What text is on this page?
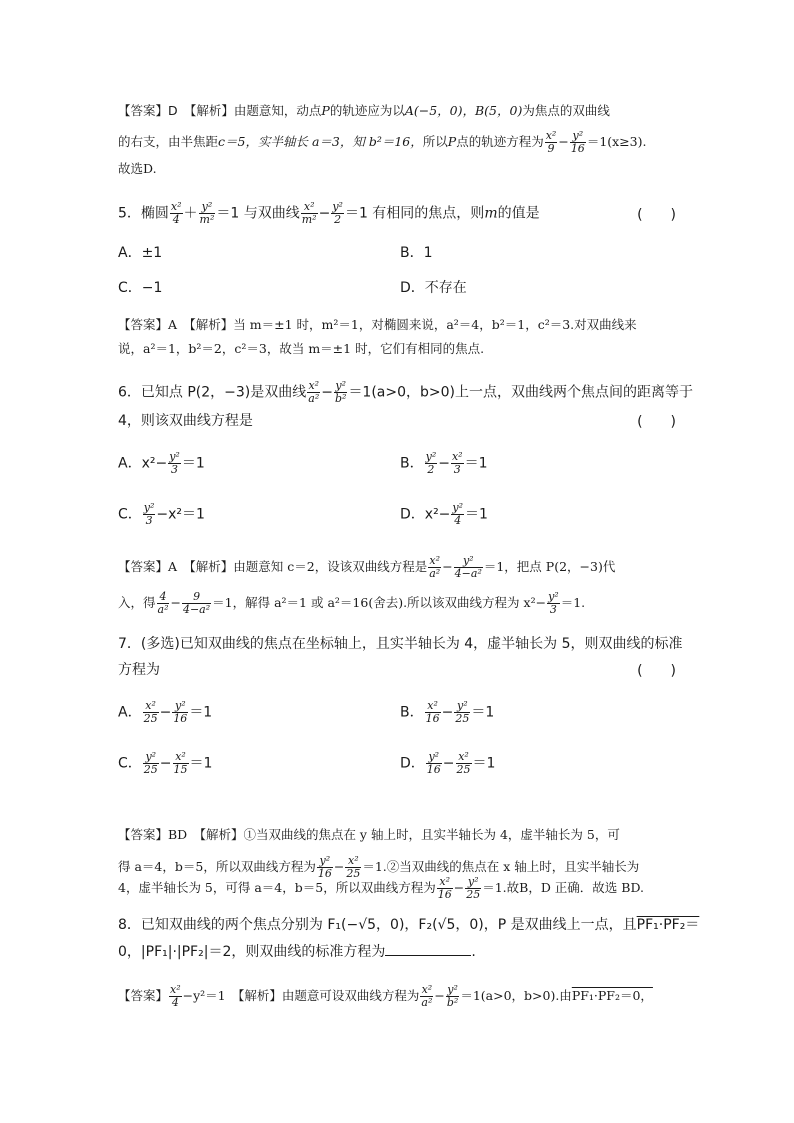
【答案】D　【解析】由题意知，动点P的轨迹应为以A(−5，0)，B(5，0)为焦点的双曲线
的右支，由半焦距c＝5，实半轴长 a＝3，知 b²＝16，所以P点的轨迹方程为 $\frac{\text{x²}}{9} - \frac{\text{y²}}{16} =1(x\ge 3)$.
故选D.
5．椭圆 $\frac{\text{x²}}{4} + \frac{\text{y²}}{\text{m²}} =1$ 与双曲线 $\frac{\text{x²}}{\text{m²}} - \frac{\text{y²}}{2} =1$ 有相同的焦点，则m的值是	(　　)
A．±1	B．1
C．−1	D．不存在
【答案】A　【解析】当 m＝±1 时，m²＝1，对椭圆来说，a²＝4，b²＝1，c²＝3.对双曲线来
说，a²＝1，b²＝2，c²＝3，故当 m＝±1 时，它们有相同的焦点.
6．已知点 P(2，−3)是双曲线 $\frac{\text{x²}}{\text{a²}} - \frac{\text{y²}}{\text{b²}} =1(a>0$，b>0)上一点，双曲线两个焦点间的距离等于
4，则该双曲线方程是	(　　)
A．$x^2- \frac{\text{y²}}{3} =1$	B． $\frac{\text{y²}}{2} - \frac{\text{x²}}{3} =1$
C． $\frac{\text{y²}}{3} -x^2=1$	D．$x^2- \frac{\text{y²}}{4} =1$
【答案】A　【解析】由题意知 c＝2，设该双曲线方程是 $\frac{\text{x²}}{\text{a²}} - \frac{\text{y²}}{\text{4−a²}} =1$，把点 P(2，−3)代
入，得 $\frac{4}{\text{a²}} - \frac{9}{\text{4−a²}} =1$，解得 a²＝1 或 a²＝16(舍去).所以该双曲线方程为 $x^2- \frac{\text{y²}}{3} =1$.
7．(多选)已知双曲线的焦点在坐标轴上，且实半轴长为 4，虚半轴长为 5，则双曲线的标准
方程为	(　　)
A． $\frac{\text{x²}}{25} - \frac{\text{y²}}{16} =1$	B． $\frac{\text{x²}}{16} - \frac{\text{y²}}{25} =1$
C． $\frac{\text{y²}}{25} - \frac{\text{x²}}{15} =1$	D． $\frac{\text{y²}}{16} - \frac{\text{x²}}{25} =1$
【答案】BD　【解析】①当双曲线的焦点在 y 轴上时，且实半轴长为 4，虚半轴长为 5，可
得 a＝4，b＝5，所以双曲线方程为 $\frac{\text{y²}}{16} - \frac{\text{x²}}{25}$ ＝1.②当双曲线的焦点在 x 轴上时，且实半轴长为
4，虚半轴长为 5，可得 a＝4，b＝5，所以双曲线方程为 $\frac{\text{x²}}{16} - \frac{\text{y²}}{25} =1$.故B，D 正确．故选 BD.
8．已知双曲线的两个焦点分别为 F₁(−√5，0)，F₂(√5，0)，P 是双曲线上一点，且PF₁·PF₂＝
0，|PF₁|·|PF₂|＝2，则双曲线的标准方程为	.
【答案】 $\frac{\text{x²}}{4} -y^2=1$　【解析】由题意可设双曲线方程为 $\frac{\text{x²}}{\text{a²}} - \frac{\text{y²}}{\text{b²}} =1(a>0$，b>0).由PF₁·PF₂＝0，
